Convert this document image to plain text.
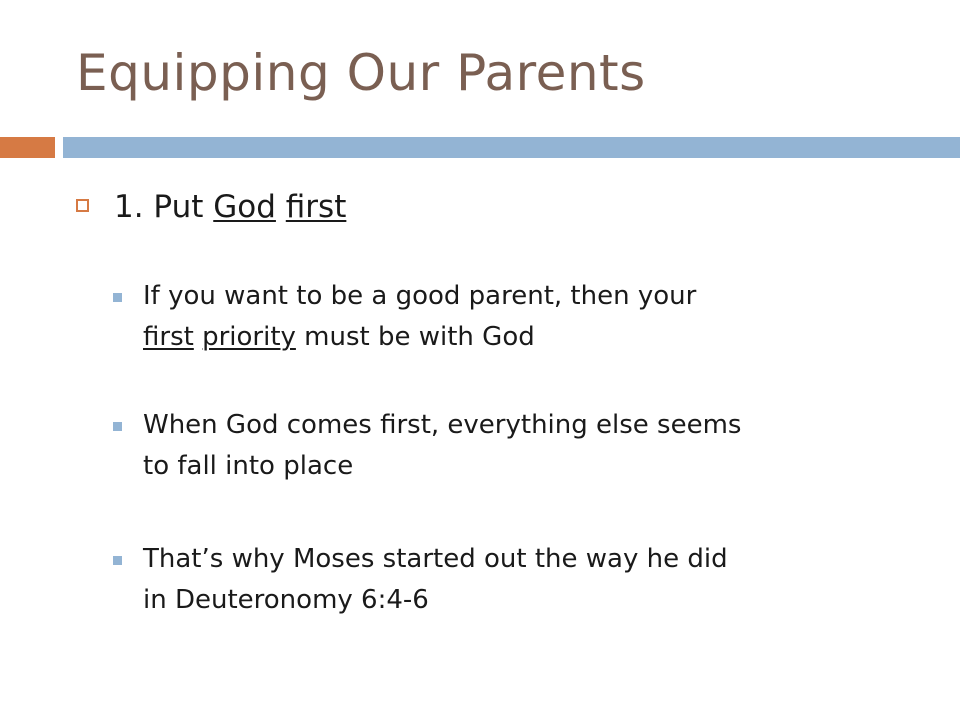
Equipping Our Parents
1. Put God first
If you want to be a good parent, then your
first priority must be with God
When God comes first, everything else seems
to fall into place
That’s why Moses started out the way he did
in Deuteronomy 6:4-6
